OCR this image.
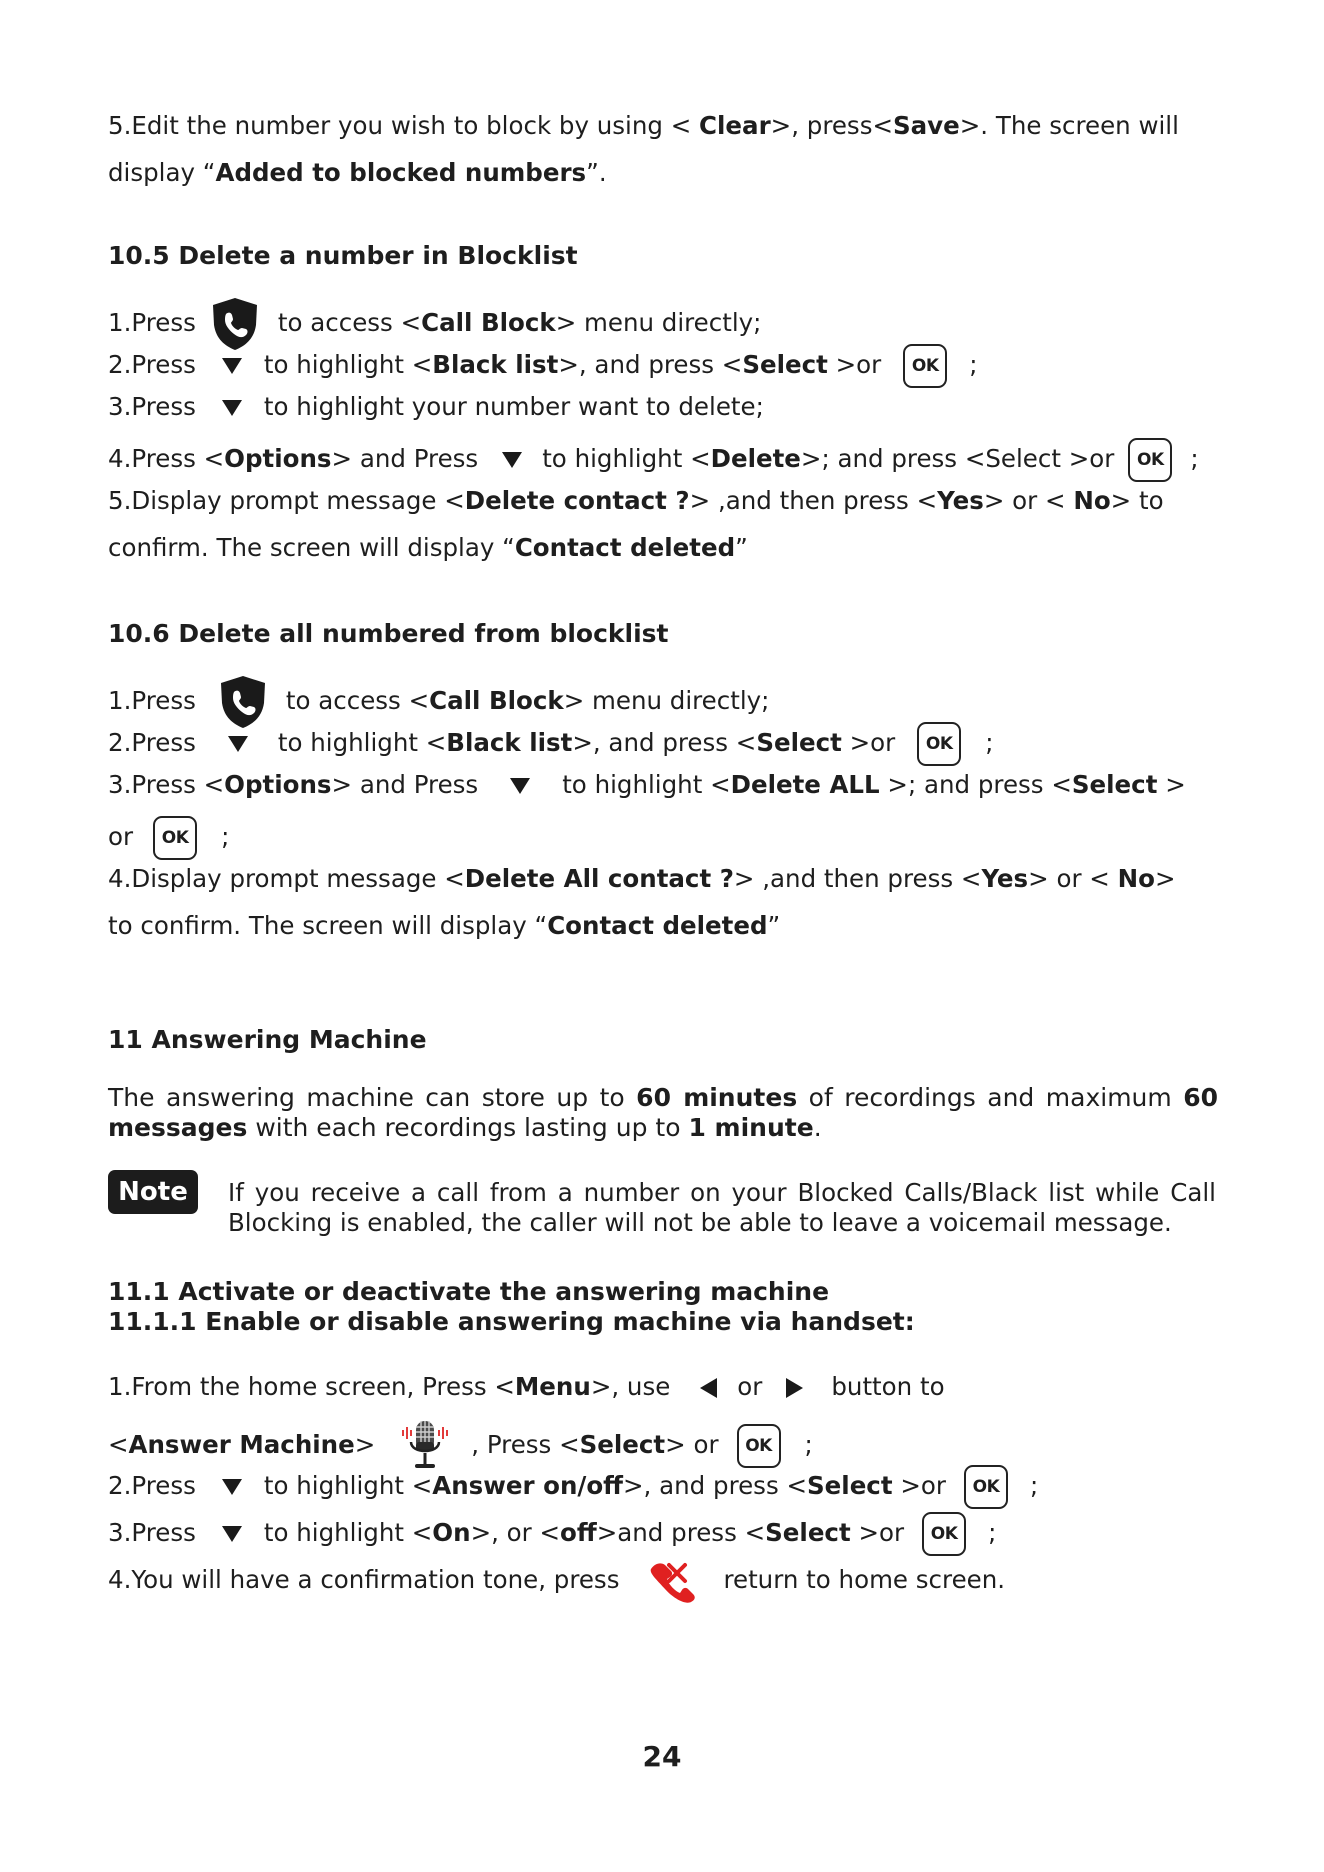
5.Edit the number you wish to block by using < Clear>, press<Save>. The screen will
display “Added to blocked numbers”.
10.5 Delete a number in Blocklist
1.Press	to access <Call Block> menu directly;
2.Press	to highlight <Black list>, and press <Select >or OK ;
3.Press	to highlight your number want to delete;
4.Press <Options> and Press	to highlight <Delete>; and press <Select >or OK ;
5.Display prompt message <Delete contact ?> ,and then press <Yes> or < No> to
confirm. The screen will display “Contact deleted”
10.6 Delete all numbered from blocklist
1.Press	to access <Call Block> menu directly;
2.Press	to highlight <Black list>, and press <Select >or OK ;
3.Press <Options> and Press	to highlight <Delete ALL >; and press <Select >
or OK ;
4.Display prompt message <Delete All contact ?> ,and then press <Yes> or < No>
to confirm. The screen will display “Contact deleted”
11 Answering Machine
The answering machine can store up to 60 minutes of recordings and maximum 60 messages with each recordings lasting up to 1 minute.
Note	If you receive a call from a number on your Blocked Calls/Black list while Call Blocking is enabled, the caller will not be able to leave a voicemail message.
11.1 Activate or deactivate the answering machine
11.1.1 Enable or disable answering machine via handset:
1.From the home screen, Press <Menu>, use	or	button to
<Answer Machine>	, Press <Select> or OK ;
2.Press	to highlight <Answer on/off>, and press <Select >or OK ;
3.Press	to highlight <On>, or <off>and press <Select >or OK ;
4.You will have a confirmation tone, press	return to home screen.
24
